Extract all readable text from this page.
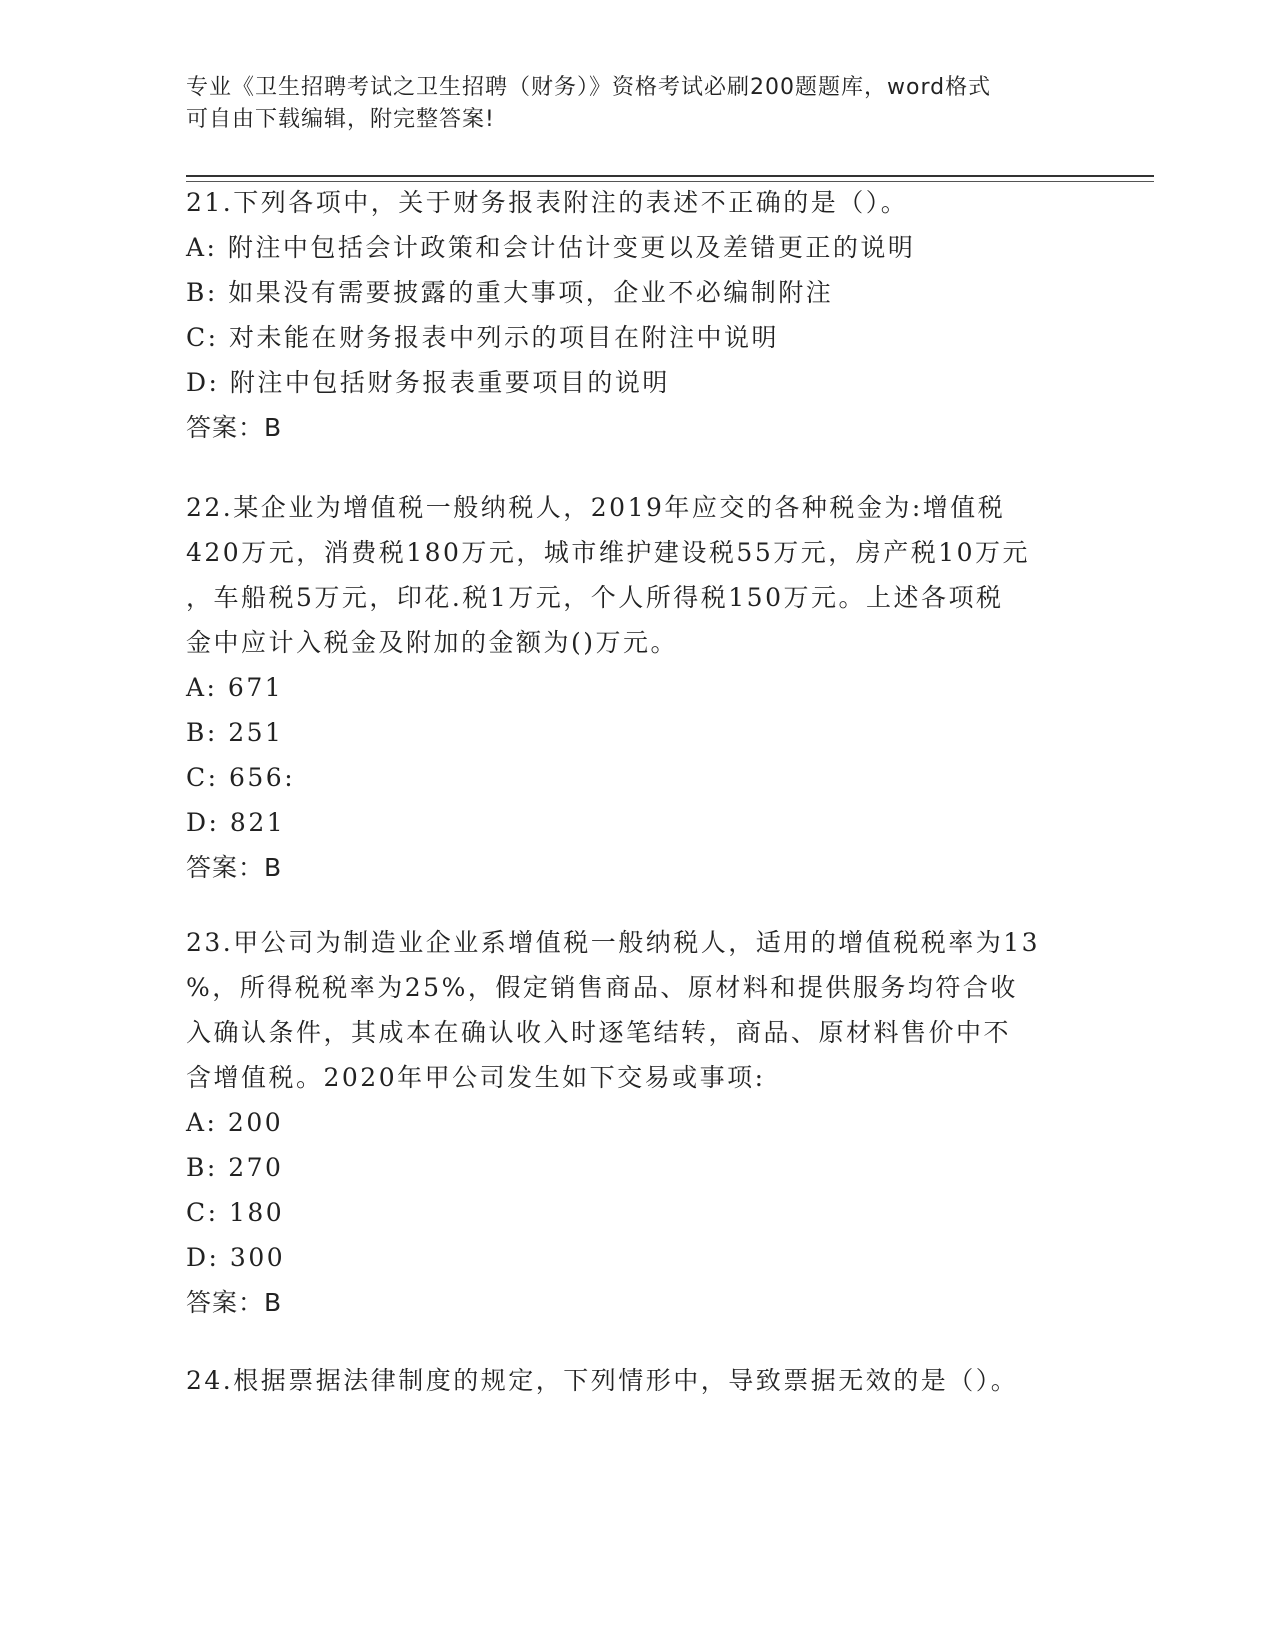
专业《卫生招聘考试之卫生招聘（财务）》资格考试必刷200题题库，word格式
可自由下载编辑，附完整答案!
21.下列各项中，关于财务报表附注的表述不正确的是（）。
A: 附注中包括会计政策和会计估计变更以及差错更正的说明
B: 如果没有需要披露的重大事项，企业不必编制附注
C: 对未能在财务报表中列示的项目在附注中说明
D: 附注中包括财务报表重要项目的说明
答案：B
22.某企业为增值税一般纳税人，2019年应交的各种税金为:增值税
420万元，消费税180万元，城市维护建设税55万元，房产税10万元
，车船税5万元，印花.税1万元，个人所得税150万元。上述各项税
金中应计入税金及附加的金额为()万元。
A: 671
B: 251
C: 656:
D: 821
答案：B
23.甲公司为制造业企业系增值税一般纳税人，适用的增值税税率为13
%，所得税税率为25%，假定销售商品、原材料和提供服务均符合收
入确认条件，其成本在确认收入时逐笔结转，商品、原材料售价中不
含增值税。2020年甲公司发生如下交易或事项:
A: 200
B: 270
C: 180
D: 300
答案：B
24.根据票据法律制度的规定，下列情形中，导致票据无效的是（）。
